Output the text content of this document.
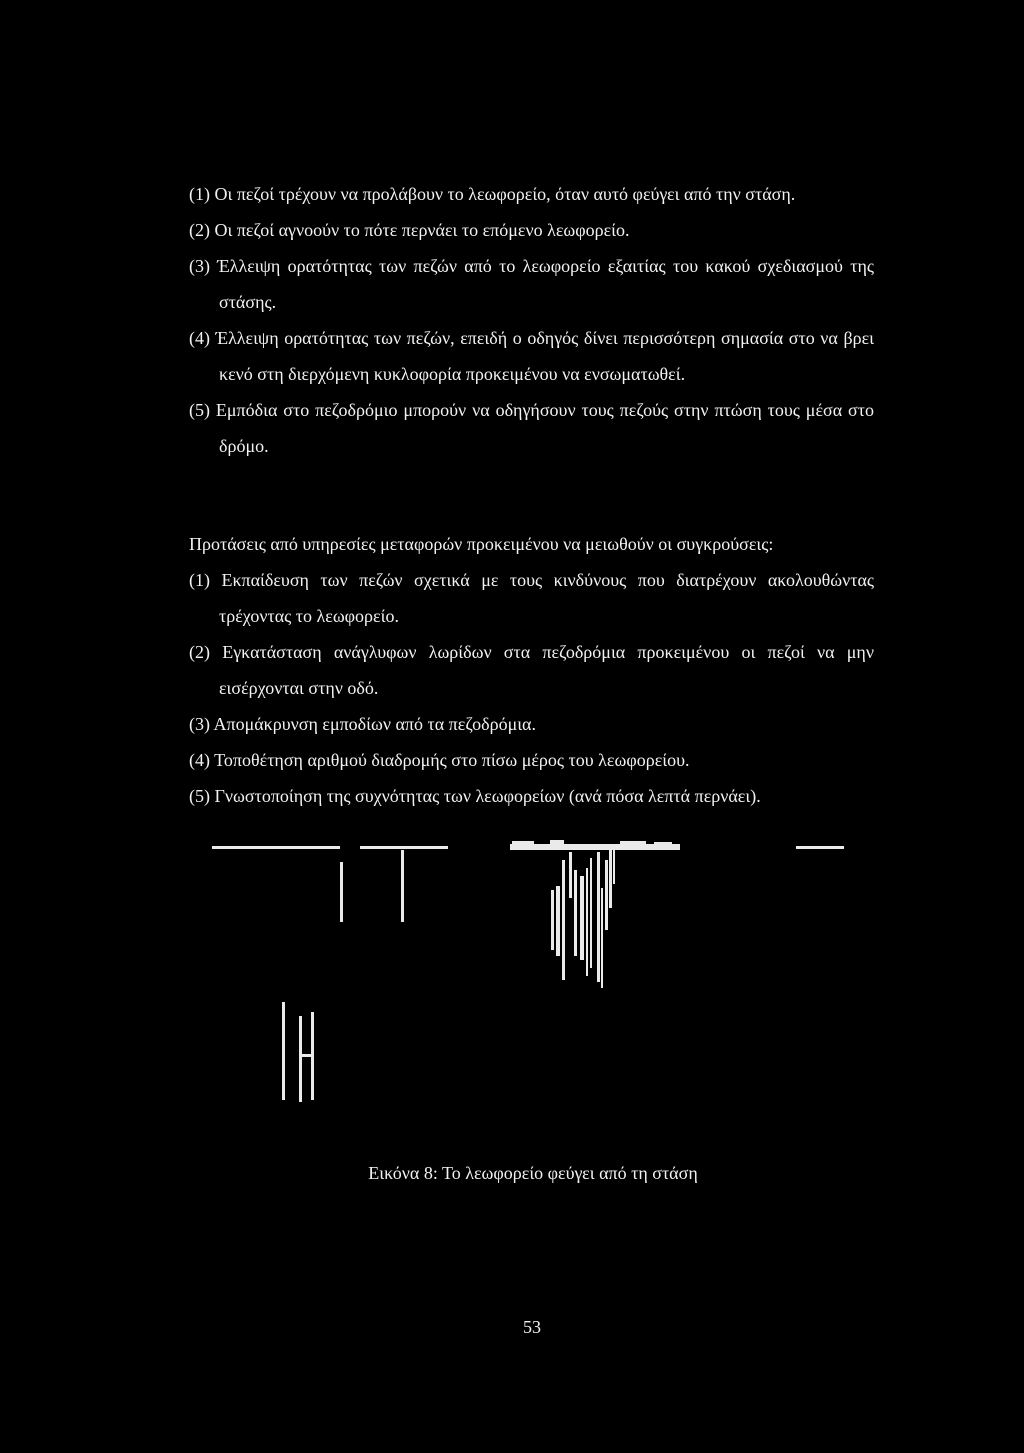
(1) Οι πεζοί τρέχουν να προλάβουν το λεωφορείο, όταν αυτό φεύγει από την στάση.
(2) Οι πεζοί αγνοούν το πότε περνάει το επόμενο λεωφορείο.
(3) Έλλειψη ορατότητας των πεζών από το λεωφορείο εξαιτίας του κακού σχεδιασμού της στάσης.
(4) Έλλειψη ορατότητας των πεζών, επειδή ο οδηγός δίνει περισσότερη σημασία στο να βρει κενό στη διερχόμενη κυκλοφορία προκειμένου να ενσωματωθεί.
(5) Εμπόδια στο πεζοδρόμιο μπορούν να οδηγήσουν τους πεζούς στην πτώση τους μέσα στο δρόμο.

Προτάσεις από υπηρεσίες μεταφορών προκειμένου να μειωθούν οι συγκρούσεις:

(1) Εκπαίδευση των πεζών σχετικά με τους κινδύνους που διατρέχουν ακολουθώντας τρέχοντας το λεωφορείο.
(2) Εγκατάσταση ανάγλυφων λωρίδων στα πεζοδρόμια προκειμένου οι πεζοί να μην εισέρχονται στην οδό.
(3) Απομάκρυνση εμποδίων από τα πεζοδρόμια.
(4) Τοποθέτηση αριθμού διαδρομής στο πίσω μέρος του λεωφορείου.
(5) Γνωστοποίηση της συχνότητας των λεωφορείων (ανά πόσα λεπτά περνάει).
Εικόνα 8: Το λεωφορείο φεύγει από τη στάση
53
